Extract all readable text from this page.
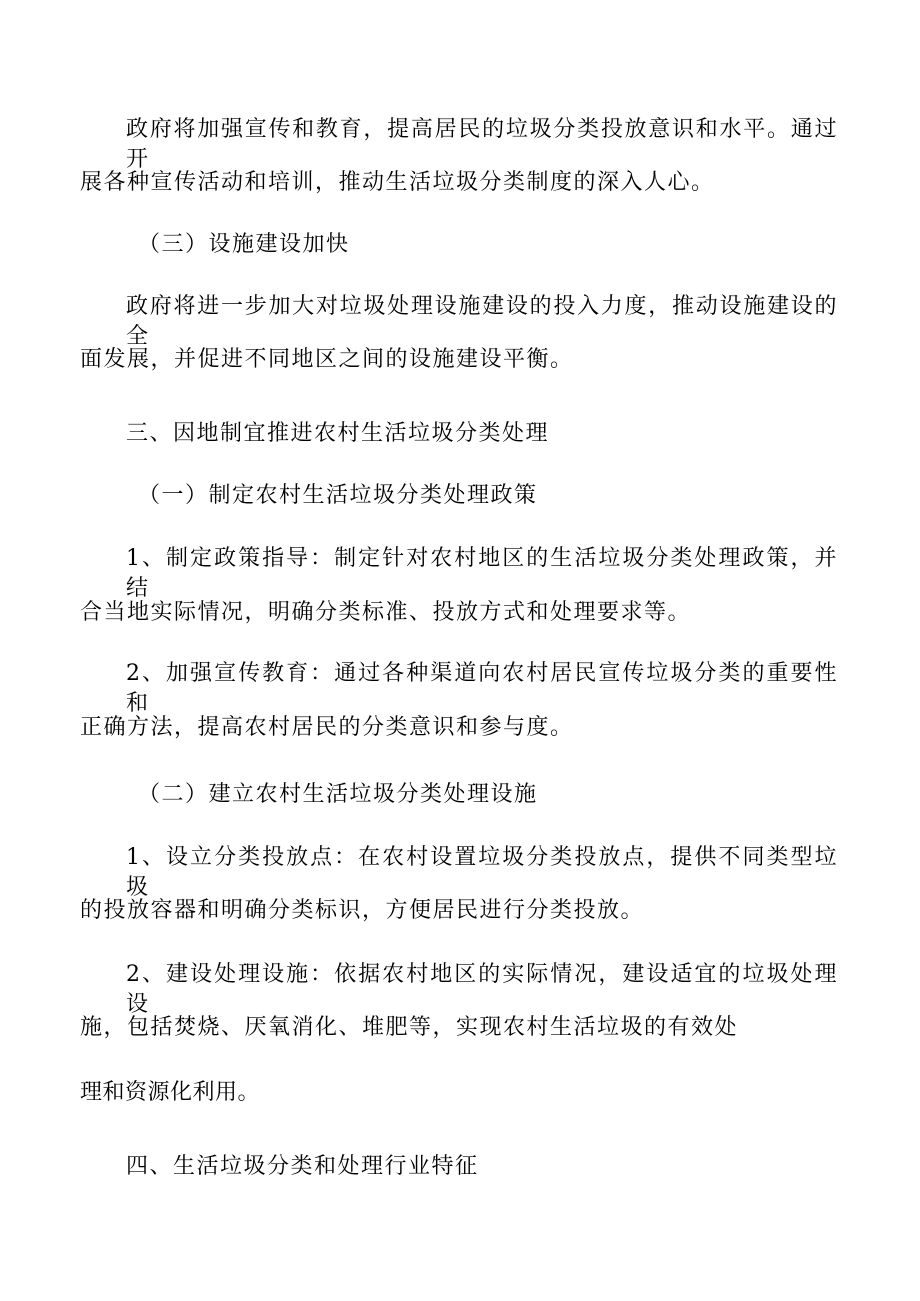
政府将加强宣传和教育，提高居民的垃圾分类投放意识和水平。通过开
展各种宣传活动和培训，推动生活垃圾分类制度的深入人心。
（三）设施建设加快
政府将进一步加大对垃圾处理设施建设的投入力度，推动设施建设的全
面发展，并促进不同地区之间的设施建设平衡。
三、因地制宜推进农村生活垃圾分类处理
（一）制定农村生活垃圾分类处理政策
1、制定政策指导：制定针对农村地区的生活垃圾分类处理政策，并结
合当地实际情况，明确分类标准、投放方式和处理要求等。
2、加强宣传教育：通过各种渠道向农村居民宣传垃圾分类的重要性和
正确方法，提高农村居民的分类意识和参与度。
（二）建立农村生活垃圾分类处理设施
1、设立分类投放点：在农村设置垃圾分类投放点，提供不同类型垃圾
的投放容器和明确分类标识，方便居民进行分类投放。
2、建设处理设施：依据农村地区的实际情况，建设适宜的垃圾处理设
施，包括焚烧、厌氧消化、堆肥等，实现农村生活垃圾的有效处
理和资源化利用。
四、生活垃圾分类和处理行业特征
